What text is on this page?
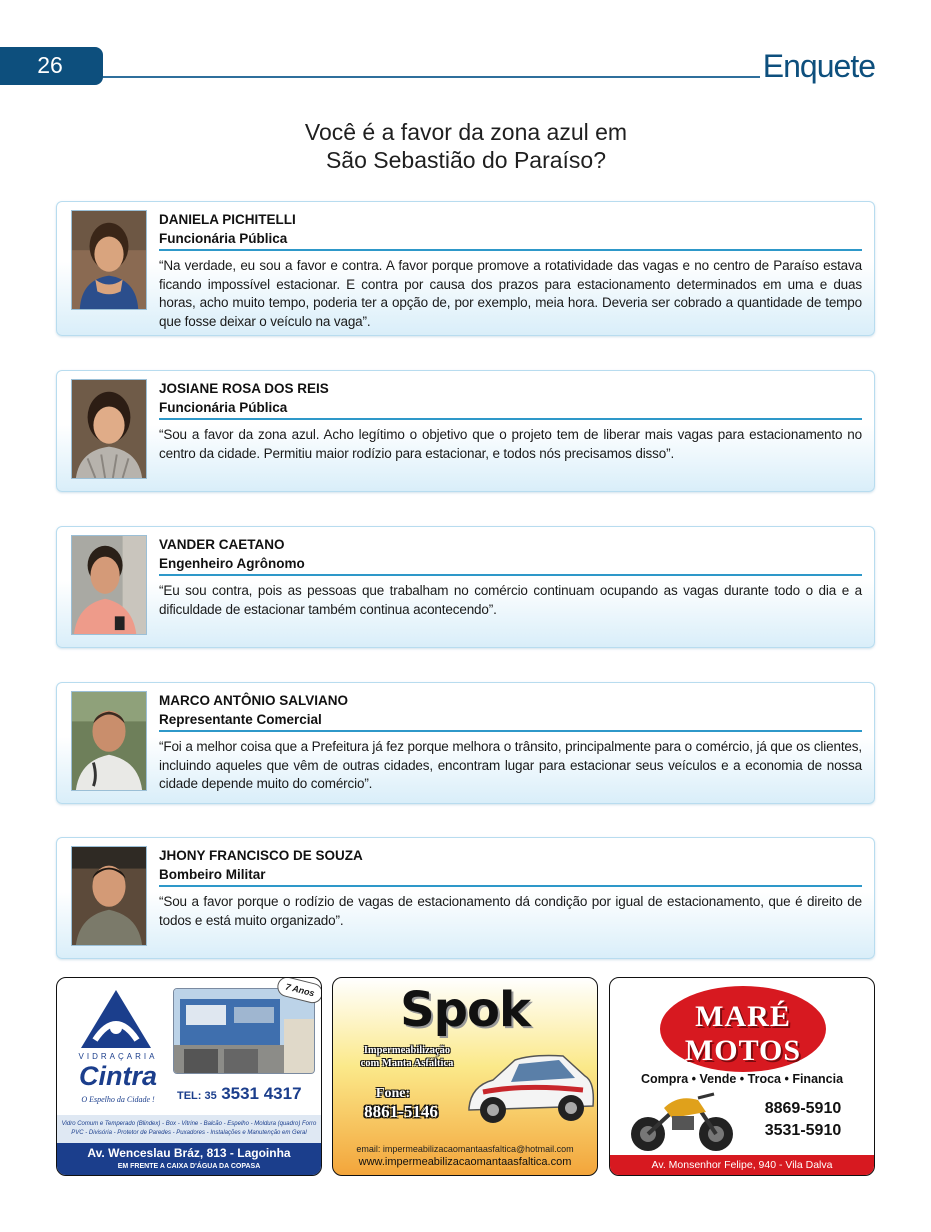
26	Enquete
Você é a favor da zona azul em
São Sebastião do Paraíso?
DANIELA PICHITELLI
Funcionária Pública
“Na verdade, eu sou a favor e contra. A favor porque promove a rotatividade das vagas e no centro de Paraíso estava ficando impossível estacionar. E contra por causa dos prazos para estacionamento determinados em uma e duas horas, acho muito tempo, poderia ter a opção de, por exemplo, meia hora. Deveria ser cobrado a quantidade de tempo que fosse deixar o veículo na vaga”.
JOSIANE ROSA DOS REIS
Funcionária Pública
“Sou a favor da zona azul. Acho legítimo o objetivo que o projeto tem de liberar mais vagas para estacionamento no centro da cidade. Permitiu maior rodízio para estacionar, e todos nós precisamos disso”.
VANDER CAETANO
Engenheiro Agrônomo
“Eu sou contra, pois as pessoas que trabalham no comércio continuam ocupando as vagas durante todo o dia e a dificuldade de estacionar também continua acontecendo”.
MARCO ANTÔNIO SALVIANO
Representante Comercial
“Foi a melhor coisa que a Prefeitura já fez porque melhora o trânsito, principalmente para o comércio, já que os clientes, incluindo aqueles que vêm de outras cidades, encontram lugar para estacionar seus veículos e a economia de nossa cidade depende muito do comércio”.
JHONY FRANCISCO DE SOUZA
Bombeiro Militar
“Sou a favor porque o rodízio de vagas de estacionamento dá condição por igual de estacionamento, que é direito de todos e está muito organizado”.
VIDRAÇARIA
Cintra
O Espelho da Cidade !
7 Anos
TEL: 35 3531 4317
Vidro Comum e Temperado (Blindex) - Box - Vitrine - Balcão - Espelho - Moldura (quadro) Forro PVC - Divisória - Protetor de Paredes - Puxadores - Instalações e Manutenção em Geral
Av. Wenceslau Bráz, 813 - Lagoinha
EM FRENTE A CAIXA D'ÁGUA DA COPASA
Spok
Impermeabilização
com Manta Asfáltica
Fone:
8861-5146
email: impermeabilizacaomantaasfaltica@hotmail.com
www.impermeabilizacaomantaasfaltica.com
MARÉ
MOTOS
Compra • Vende • Troca • Financia
8869-5910
3531-5910
Av. Monsenhor Felipe, 940 - Vila Dalva
